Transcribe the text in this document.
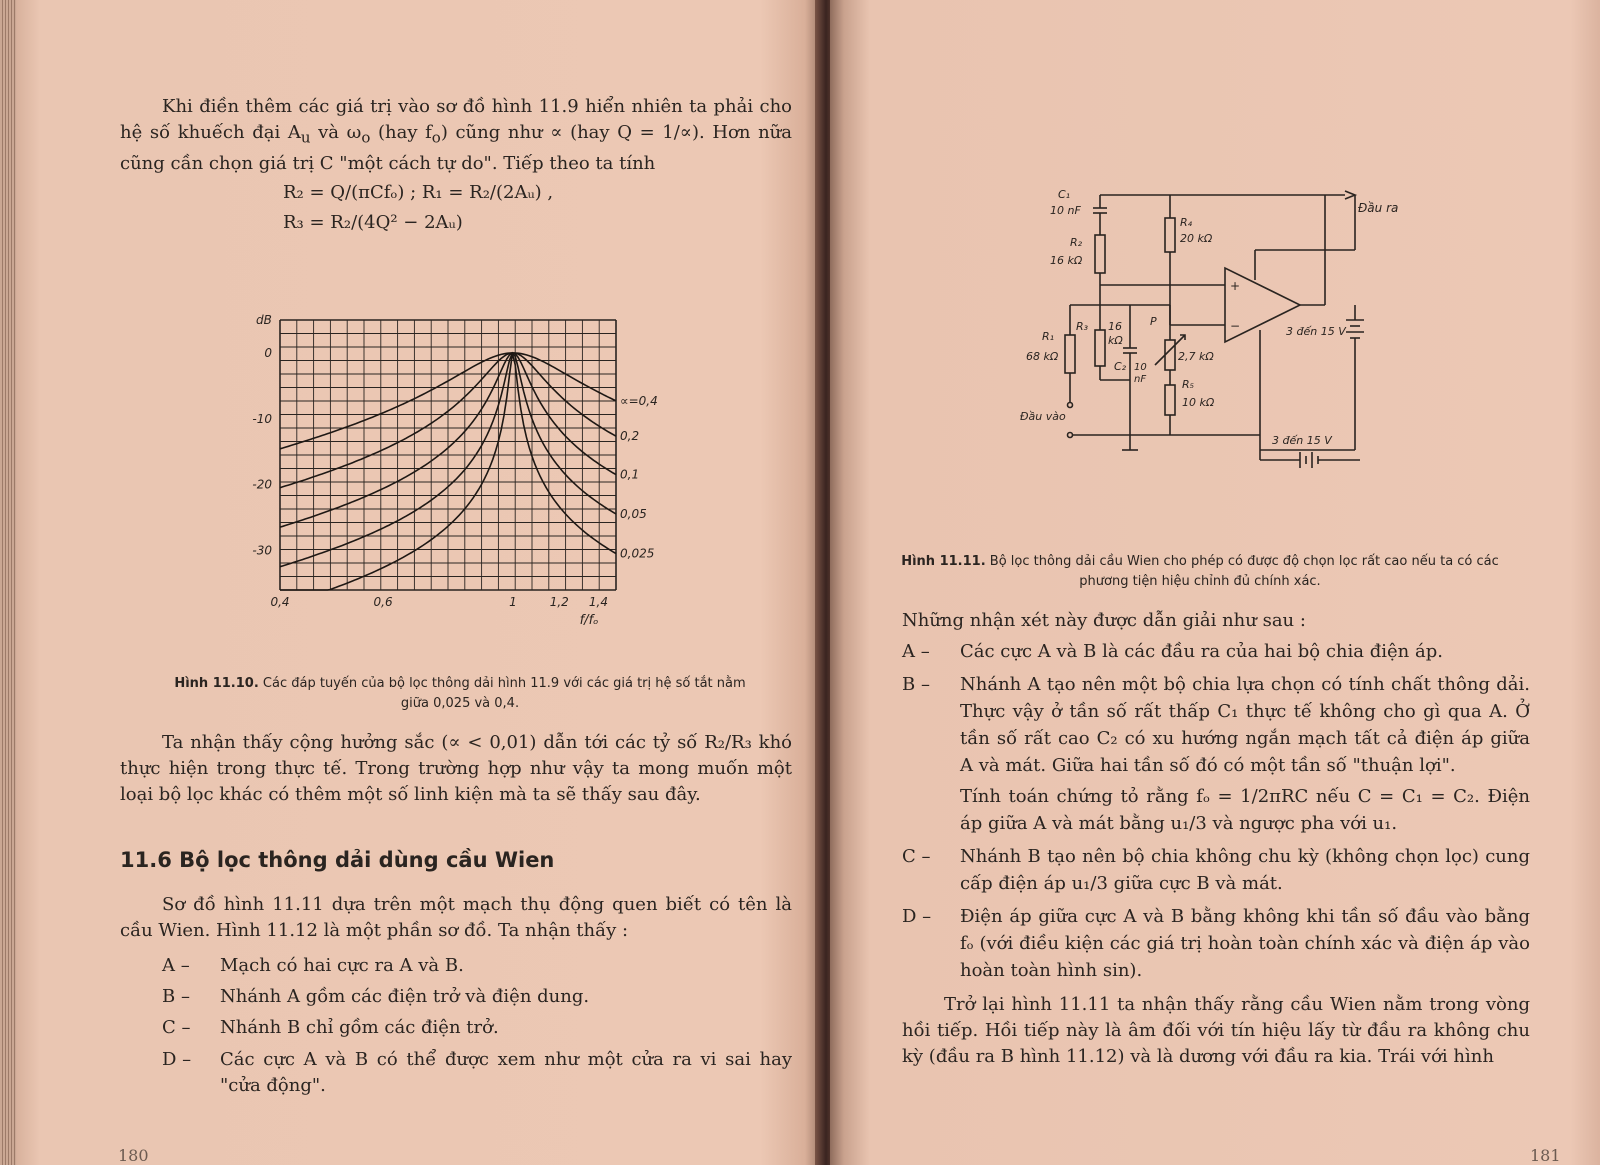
Khi điền thêm các giá trị vào sơ đồ hình 11.9 hiển nhiên ta phải cho hệ số khuếch đại $A_u$ và $\omega_o$ (hay $f_o$) cũng như ∝ (hay Q = 1/∝). Hơn nữa cũng cần chọn giá trị C "một cách tự do". Tiếp theo ta tính

R₂ = Q/(πCfₒ) ; R₁ = R₂/(2Aᵤ) ,
R₃ = R₂/(4Q² − 2Aᵤ)
∝=0,4
0,2
0,1
0,05
0,025
0
-10
-20
-30
dB
0,4	0,6	1	1,2 1,4
f/fₒ
Hình 11.10. Các đáp tuyến của bộ lọc thông dải hình 11.9 với các giá trị hệ số tắt nằm giữa 0,025 và 0,4.

Ta nhận thấy cộng hưởng sắc (∝ < 0,01) dẫn tới các tỷ số R₂/R₃ khó thực hiện trong thực tế. Trong trường hợp như vậy ta mong muốn một loại bộ lọc khác có thêm một số linh kiện mà ta sẽ thấy sau đây.

11.6 Bộ lọc thông dải dùng cầu Wien

Sơ đồ hình 11.11 dựa trên một mạch thụ động quen biết có tên là cầu Wien. Hình 11.12 là một phần sơ đồ. Ta nhận thấy :

A – Mạch có hai cực ra A và B.
B – Nhánh A gồm các điện trở và điện dung.
C – Nhánh B chỉ gồm các điện trở.
D – Các cực A và B có thể được xem như một cửa ra vi sai hay "cửa động".
180
Đầu ra
C₁
10 nF
R₂
16 kΩ
R₄
20 kΩ
+
−
R₁
68 kΩ
R₃ 16
kΩ
C₂ 10
nF
P
2,7 kΩ
R₅
10 kΩ
Đầu vào
3 đến 15 V
3 đến 15 V
Hình 11.11. Bộ lọc thông dải cầu Wien cho phép có được độ chọn lọc rất cao nếu ta có các phương tiện hiệu chỉnh đủ chính xác.

Những nhận xét này được dẫn giải như sau :

A – Các cực A và B là các đầu ra của hai bộ chia điện áp.
B – Nhánh A tạo nên một bộ chia lựa chọn có tính chất thông dải. Thực vậy ở tần số rất thấp C₁ thực tế không cho gì qua A. Ở tần số rất cao C₂ có xu hướng ngắn mạch tất cả điện áp giữa A và mát. Giữa hai tần số đó có một tần số "thuận lợi".
Tính toán chứng tỏ rằng fₒ = 1/2πRC nếu C = C₁ = C₂. Điện áp giữa A và mát bằng u₁/3 và ngược pha với u₁.
C – Nhánh B tạo nên bộ chia không chu kỳ (không chọn lọc) cung cấp điện áp u₁/3 giữa cực B và mát.
D – Điện áp giữa cực A và B bằng không khi tần số đầu vào bằng fₒ (với điều kiện các giá trị hoàn toàn chính xác và điện áp vào hoàn toàn hình sin).

Trở lại hình 11.11 ta nhận thấy rằng cầu Wien nằm trong vòng hồi tiếp. Hồi tiếp này là âm đối với tín hiệu lấy từ đầu ra không chu kỳ (đầu ra B hình 11.12) và là dương với đầu ra kia. Trái với hình

181
